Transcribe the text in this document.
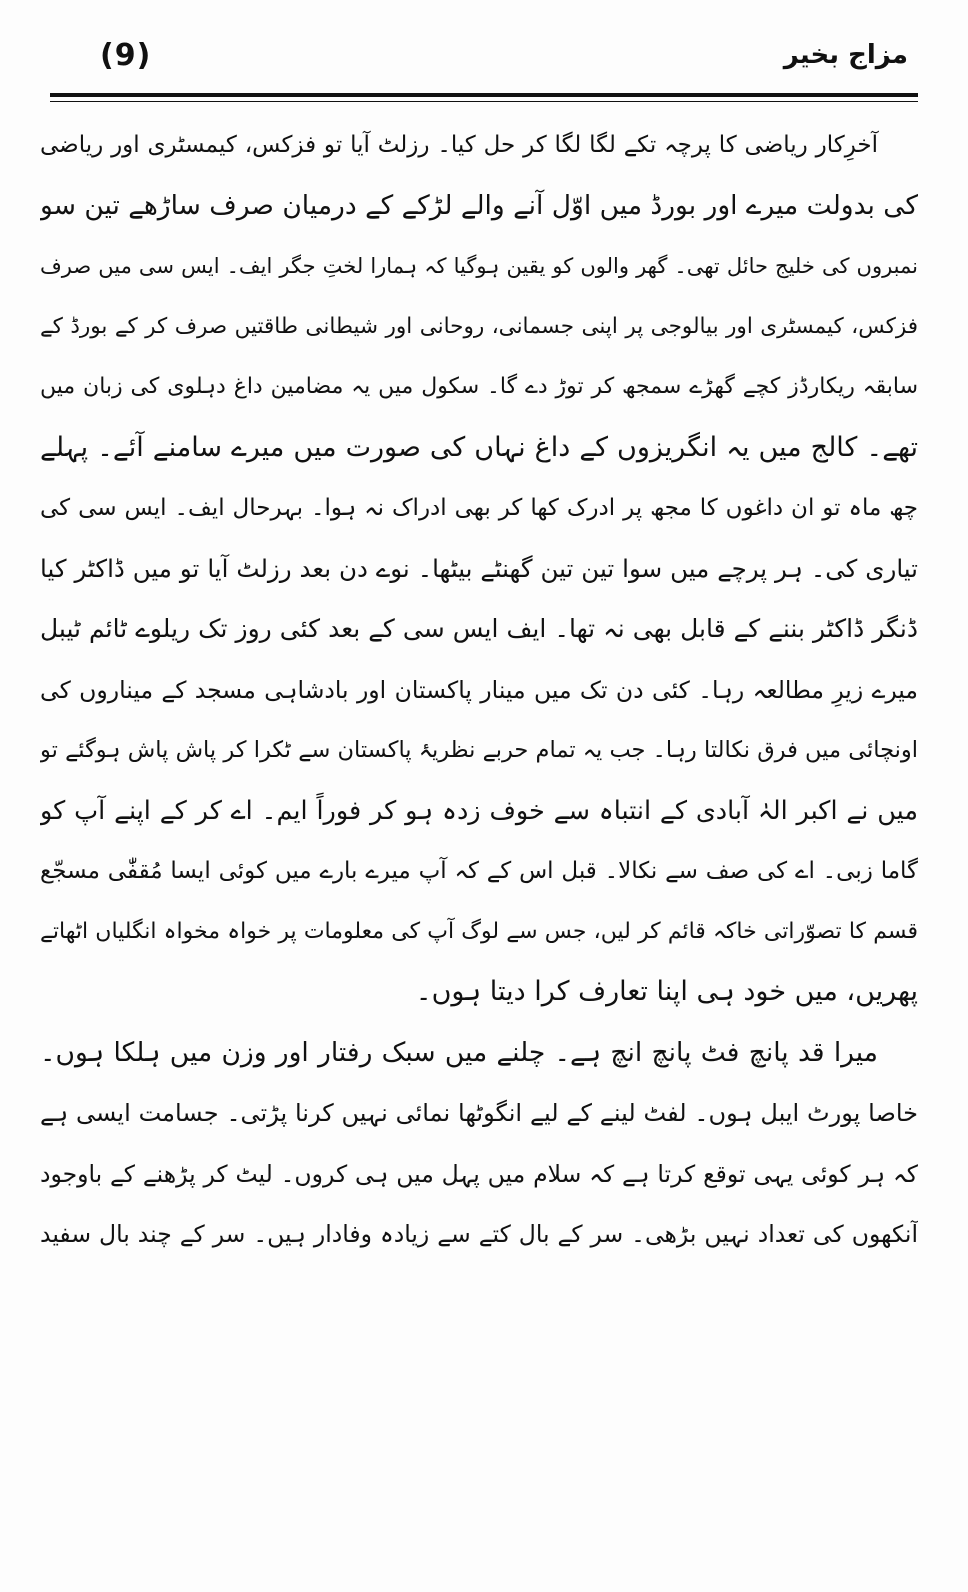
(9)	مزاج بخیر
آخرِکار ریاضی کا پرچہ تکے لگا لگا کر حل کیا۔ رزلٹ آیا تو فزکس، کیمسٹری اور ریاضی
کی بدولت میرے اور بورڈ میں اوّل آنے والے لڑکے کے درمیان صرف ساڑھے تین سو
نمبروں کی خلیج حائل تھی۔ گھر والوں کو یقین ہوگیا کہ ہمارا لختِ جگر ایف۔ ایس سی میں صرف
فزکس، کیمسٹری اور بیالوجی پر اپنی جسمانی، روحانی اور شیطانی طاقتیں صرف کر کے بورڈ کے
سابقہ ریکارڈز کچے گھڑے سمجھ کر توڑ دے گا۔ سکول میں یہ مضامین داغ دہلوی کی زبان میں
تھے۔ کالج میں یہ انگریزوں کے داغ نہاں کی صورت میں میرے سامنے آئے۔ پہلے
چھ ماہ تو ان داغوں کا مجھ پر ادرک کھا کر بھی ادراک نہ ہوا۔ بہرحال ایف۔ ایس سی کی
تیاری کی۔ ہر پرچے میں سوا تین تین گھنٹے بیٹھا۔ نوے دن بعد رزلٹ آیا تو میں ڈاکٹر کیا
ڈنگر ڈاکٹر بننے کے قابل بھی نہ تھا۔ ایف ایس سی کے بعد کئی روز تک ریلوے ٹائم ٹیبل
میرے زیرِ مطالعہ رہا۔ کئی دن تک میں مینار پاکستان اور بادشاہی مسجد کے میناروں کی
اونچائی میں فرق نکالتا رہا۔ جب یہ تمام حربے نظریۂ پاکستان سے ٹکرا کر پاش پاش ہوگئے تو
میں نے اکبر الہٰ آبادی کے انتباہ سے خوف زدہ ہو کر فوراً ایم۔ اے کر کے اپنے آپ کو
گاما زبی۔ اے کی صف سے نکالا۔ قبل اس کے کہ آپ میرے بارے میں کوئی ایسا مُقفّٰی مسجّع
قسم کا تصوّراتی خاکہ قائم کر لیں، جس سے لوگ آپ کی معلومات پر خواہ مخواہ انگلیاں اٹھاتے
پھریں، میں خود ہی اپنا تعارف کرا دیتا ہوں۔
میرا قد پانچ فٹ پانچ انچ ہے۔ چلنے میں سبک رفتار اور وزن میں ہلکا ہوں۔
خاصا پورٹ ایبل ہوں۔ لفٹ لینے کے لیے انگوٹھا نمائی نہیں کرنا پڑتی۔ جسامت ایسی ہے
کہ ہر کوئی یہی توقع کرتا ہے کہ سلام میں پہل میں ہی کروں۔ لیٹ کر پڑھنے کے باوجود
آنکھوں کی تعداد نہیں بڑھی۔ سر کے بال کتے سے زیادہ وفادار ہیں۔ سر کے چند بال سفید
